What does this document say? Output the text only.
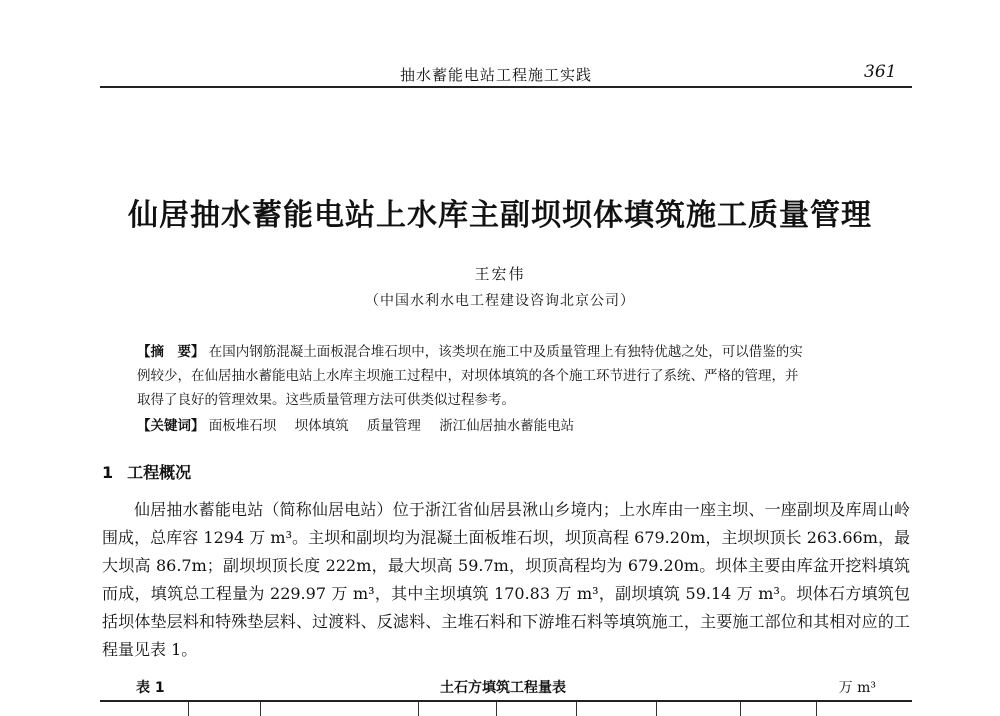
抽水蓄能电站工程施工实践	361
仙居抽水蓄能电站上水库主副坝坝体填筑施工质量管理
王宏伟
（中国水利水电工程建设咨询北京公司）
【摘　要】 在国内钢筋混凝土面板混合堆石坝中，该类坝在施工中及质量管理上有独特优越之处，可以借鉴的实
例较少，在仙居抽水蓄能电站上水库主坝施工过程中，对坝体填筑的各个施工环节进行了系统、严格的管理，并
取得了良好的管理效果。这些质量管理方法可供类似过程参考。
【关键词】 面板堆石坝 坝体填筑 质量管理 浙江仙居抽水蓄能电站
1 工程概况

仙居抽水蓄能电站（简称仙居电站）位于浙江省仙居县湫山乡境内；上水库由一座主坝、一座副坝及库周山岭围成，总库容 1294 万 m³。主坝和副坝均为混凝土面板堆石坝，坝顶高程 679.20m，主坝坝顶长 263.66m，最大坝高 86.7m；副坝坝顶长度 222m，最大坝高 59.7m，坝顶高程均为 679.20m。坝体主要由库盆开挖料填筑而成，填筑总工程量为 229.97 万 m³，其中主坝填筑 170.83 万 m³，副坝填筑 59.14 万 m³。坝体石方填筑包括坝体垫层料和特殊垫层料、过渡料、反滤料、主堆石料和下游堆石料等填筑施工，主要施工部位和其相对应的工程量见表 1。

表 1	土石方填筑工程量表	万 m³
